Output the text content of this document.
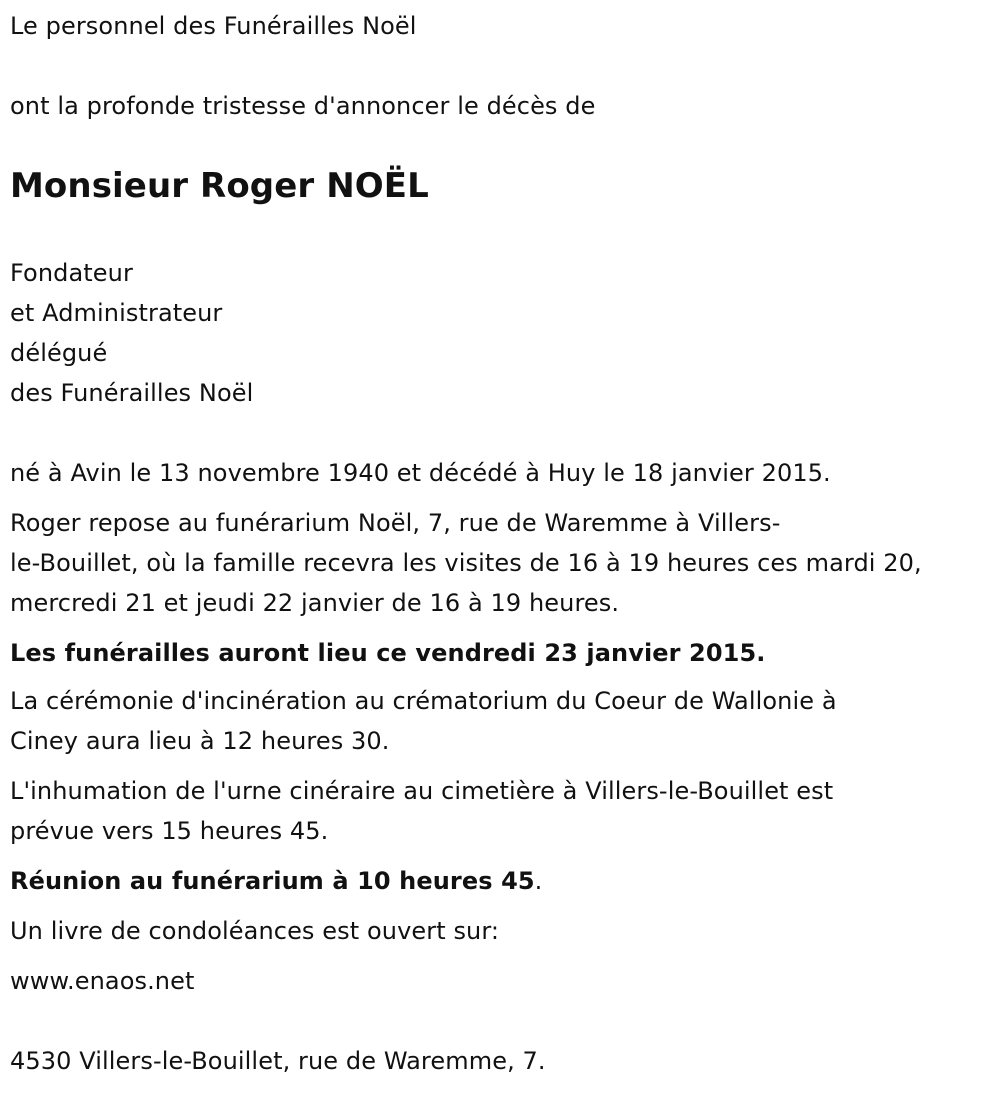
Le personnel des Funérailles Noël
ont la profonde tristesse d'annoncer le décès de
Monsieur Roger NOËL
Fondateur
et Administrateur
délégué
des Funérailles Noël
né à Avin le 13 novembre 1940 et décédé à Huy le 18 janvier 2015.
Roger repose au funérarium Noël, 7, rue de Waremme à Villers-
le-Bouillet, où la famille recevra les visites de 16 à 19 heures ces mardi 20,
mercredi 21 et jeudi 22 janvier de 16 à 19 heures.
Les funérailles auront lieu ce vendredi 23 janvier 2015.
La cérémonie d'incinération au crématorium du Coeur de Wallonie à
Ciney aura lieu à 12 heures 30.
L'inhumation de l'urne cinéraire au cimetière à Villers-le-Bouillet est
prévue vers 15 heures 45.
Réunion au funérarium à 10 heures 45.
Un livre de condoléances est ouvert sur:
www.enaos.net
4530 Villers-le-Bouillet, rue de Waremme, 7.
